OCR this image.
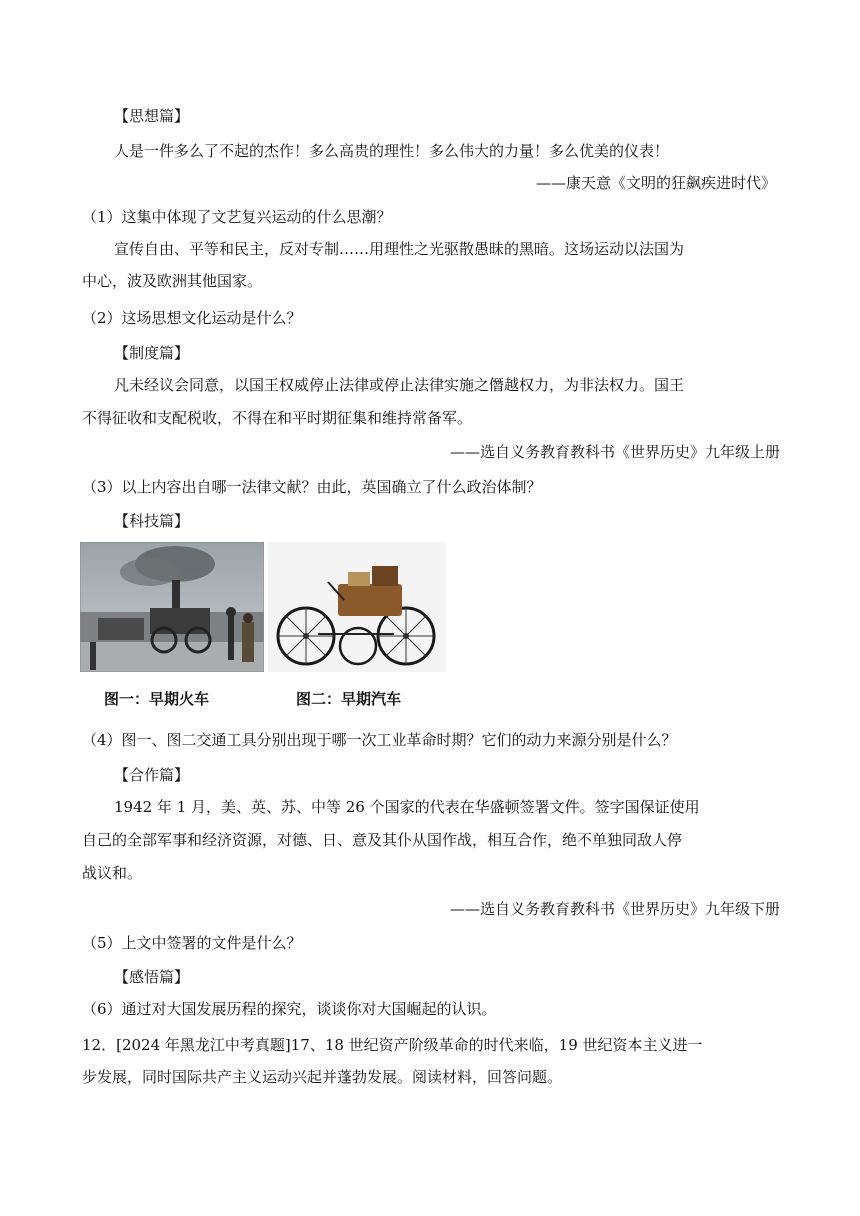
【思想篇】
人是一件多么了不起的杰作！多么高贵的理性！多么伟大的力量！多么优美的仪表！
——康天意《文明的狂飙疾进时代》
（1）这集中体现了文艺复兴运动的什么思潮？
宣传自由、平等和民主，反对专制……用理性之光驱散愚昧的黑暗。这场运动以法国为
中心，波及欧洲其他国家。
（2）这场思想文化运动是什么？
【制度篇】
凡未经议会同意，以国王权威停止法律或停止法律实施之僭越权力，为非法权力。国王
不得征收和支配税收，不得在和平时期征集和维持常备军。
——选自义务教育教科书《世界历史》九年级上册
（3）以上内容出自哪一法律文献？由此，英国确立了什么政治体制？
【科技篇】
图一：早期火车	图二：早期汽车
（4）图一、图二交通工具分别出现于哪一次工业革命时期？它们的动力来源分别是什么？
【合作篇】
1942 年 1 月，美、英、苏、中等 26 个国家的代表在华盛顿签署文件。签字国保证使用
自己的全部军事和经济资源，对德、日、意及其仆从国作战，相互合作，绝不单独同敌人停
战议和。
——选自义务教育教科书《世界历史》九年级下册
（5）上文中签署的文件是什么？
【感悟篇】
（6）通过对大国发展历程的探究，谈谈你对大国崛起的认识。
12．[2024 年黑龙江中考真题]17、18 世纪资产阶级革命的时代来临，19 世纪资本主义进一
步发展，同时国际共产主义运动兴起并蓬勃发展。阅读材料，回答问题。
